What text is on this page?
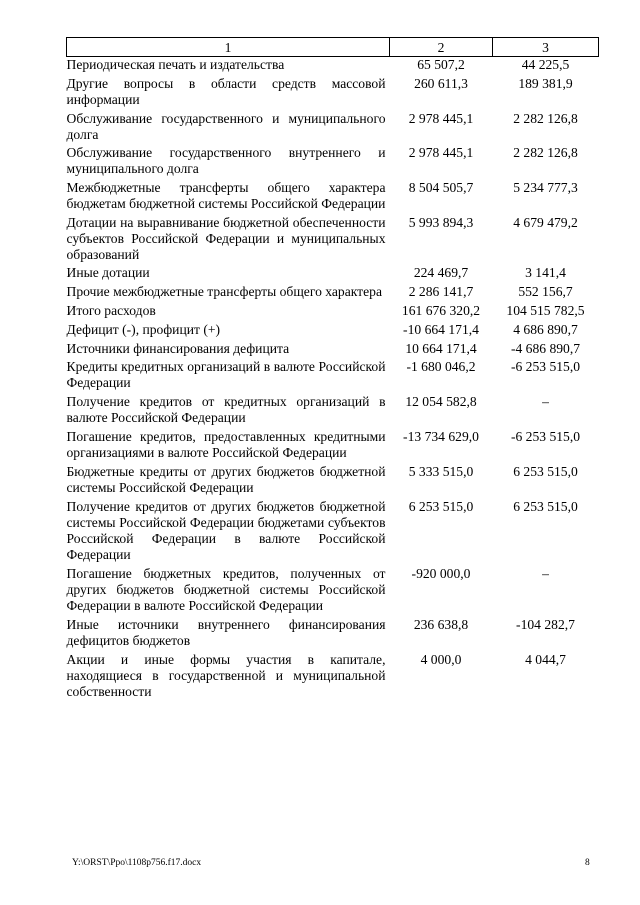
1	2	3
Периодическая печать и издательства	65 507,2	44 225,5
Другие вопросы в области средств массовой информации	260 611,3	189 381,9
Обслуживание государственного и муниципального долга	2 978 445,1	2 282 126,8
Обслуживание государственного внутреннего и муниципального долга	2 978 445,1	2 282 126,8
Межбюджетные трансферты общего характера бюджетам бюджетной системы Российской Федерации	8 504 505,7	5 234 777,3
Дотации на выравнивание бюджетной обеспеченности субъектов Российской Федерации и муниципальных образований	5 993 894,3	4 679 479,2
Иные дотации	224 469,7	3 141,4
Прочие межбюджетные трансферты общего характера	2 286 141,7	552 156,7
Итого расходов	161 676 320,2	104 515 782,5
Дефицит (-), профицит (+)	-10 664 171,4	4 686 890,7
Источники финансирования дефицита	10 664 171,4	-4 686 890,7
Кредиты кредитных организаций в валюте Российской Федерации	-1 680 046,2	-6 253 515,0
Получение кредитов от кредитных организаций в валюте Российской Федерации	12 054 582,8	–
Погашение кредитов, предоставленных кредитными организациями в валюте Российской Федерации	-13 734 629,0	-6 253 515,0
Бюджетные кредиты от других бюджетов бюджетной системы Российской Федерации	5 333 515,0	6 253 515,0
Получение кредитов от других бюджетов бюджетной системы Российской Федерации бюджетами субъектов Российской Федерации в валюте Российской Федерации	6 253 515,0	6 253 515,0
Погашение бюджетных кредитов, полученных от других бюджетов бюджетной системы Российской Федерации в валюте Российской Федерации	-920 000,0	–
Иные источники внутреннего финансирования дефицитов бюджетов	236 638,8	-104 282,7
Акции и иные формы участия в капитале, находящиеся в государственной и муниципальной собственности	4 000,0	4 044,7
Y:\ORST\Ppo\1108p756.f17.docx	8
